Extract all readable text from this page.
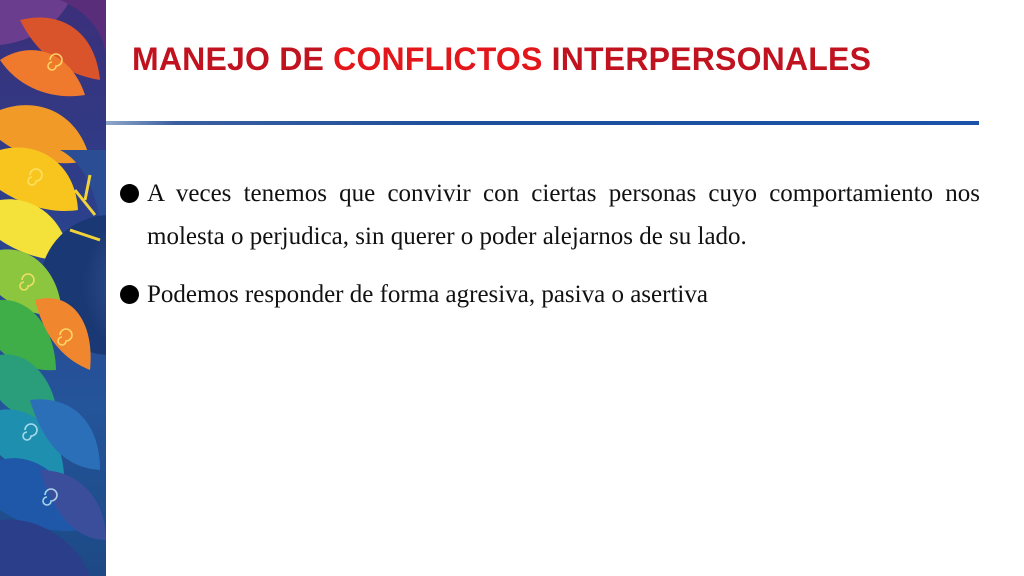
MANEJO DE CONFLICTOS INTERPERSONALES
A veces tenemos que convivir con ciertas personas cuyo comportamiento nos molesta o perjudica, sin querer o poder alejarnos de su lado.
Podemos responder de forma agresiva, pasiva o asertiva
